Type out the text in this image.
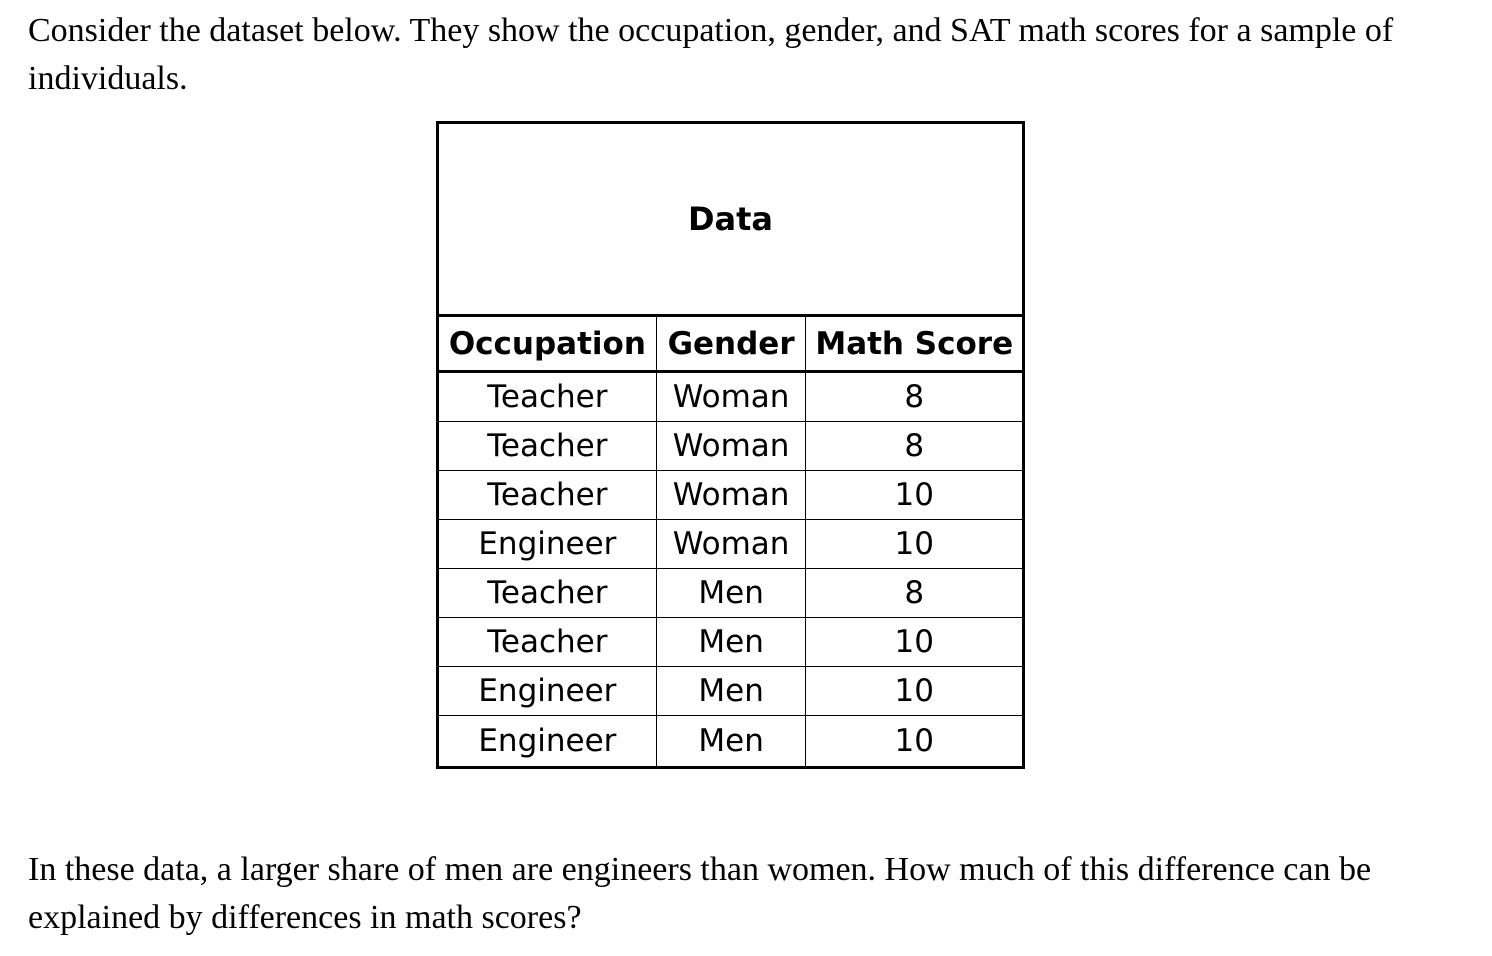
Consider the dataset below. They show the occupation, gender, and SAT math scores for a sample of individuals.

Data		
Occupation	Gender	Math Score
Teacher	Woman	8
Teacher	Woman	8
Teacher	Woman	10
Engineer	Woman	10
Teacher	Men	8
Teacher	Men	10
Engineer	Men	10
Engineer	Men	10

In these data, a larger share of men are engineers than women. How much of this difference can be explained by differences in math scores?
